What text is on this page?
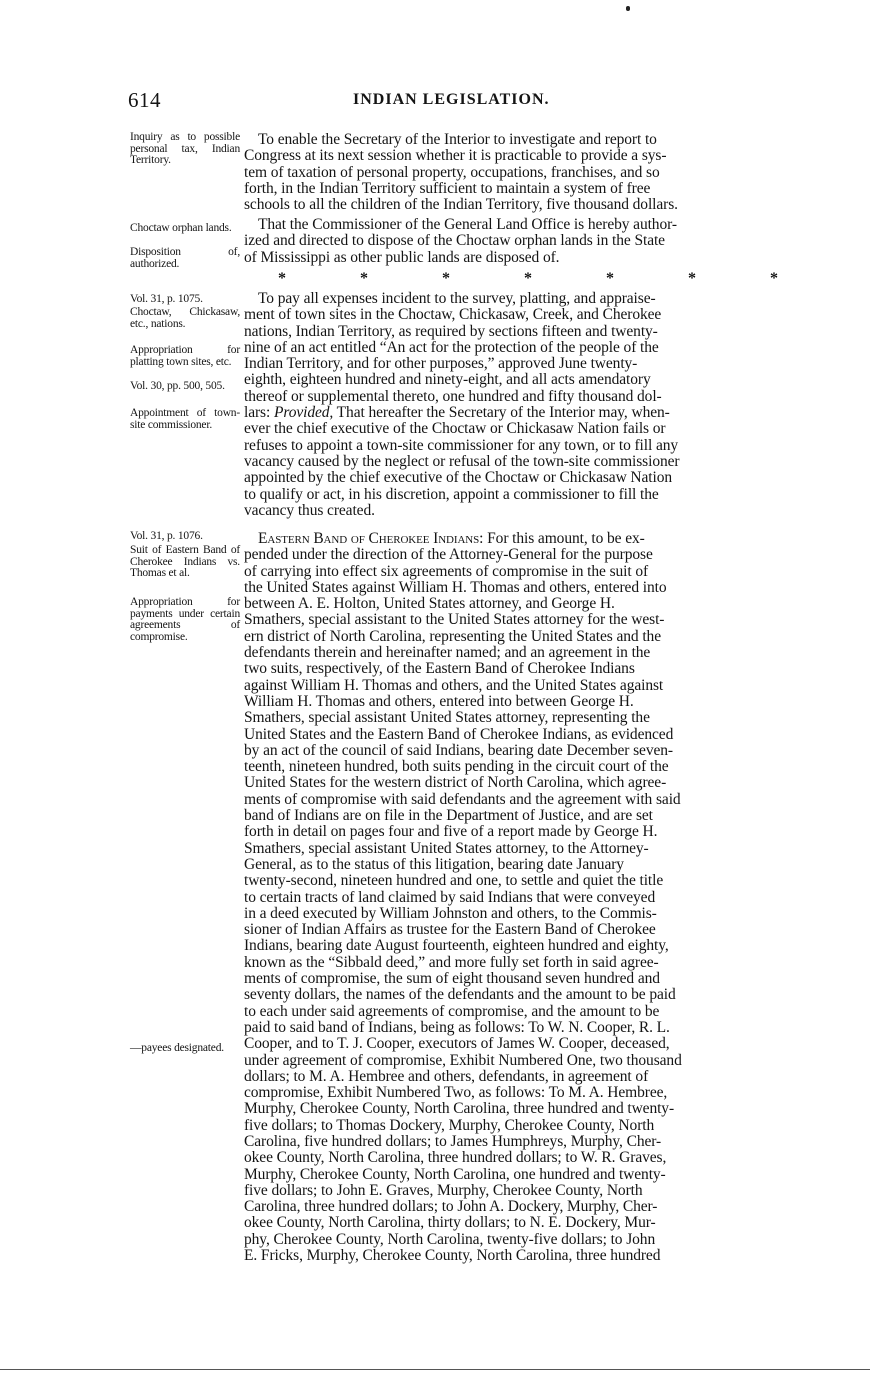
614	INDIAN LEGISLATION.
Inquiry as to possible personal tax, Indian Territory.
Choctaw orphan lands.
Disposition of, authorized.
Vol. 31, p. 1075.
Choctaw, Chickasaw, etc., nations.
Appropriation for platting town sites, etc.
Vol. 30, pp. 500, 505.
Appointment of town-site commissioner.
Vol. 31, p. 1076.
Suit of Eastern Band of Cherokee Indians vs. Thomas et al.
Appropriation for payments under certain agreements of compromise.
—payees designated.
To enable the Secretary of the Interior to investigate and report to
Congress at its next session whether it is practicable to provide a sys-
tem of taxation of personal property, occupations, franchises, and so
forth, in the Indian Territory sufficient to maintain a system of free
schools to all the children of the Indian Territory, five thousand dollars.
That the Commissioner of the General Land Office is hereby author-
ized and directed to dispose of the Choctaw orphan lands in the State
of Mississippi as other public lands are disposed of.
*	*	*	*	*	*	*
To pay all expenses incident to the survey, platting, and appraise-
ment of town sites in the Choctaw, Chickasaw, Creek, and Cherokee
nations, Indian Territory, as required by sections fifteen and twenty-
nine of an act entitled “An act for the protection of the people of the
Indian Territory, and for other purposes,” approved June twenty-
eighth, eighteen hundred and ninety-eight, and all acts amendatory
thereof or supplemental thereto, one hundred and fifty thousand dol-
lars: Provided, That hereafter the Secretary of the Interior may, when-
ever the chief executive of the Choctaw or Chickasaw Nation fails or
refuses to appoint a town-site commissioner for any town, or to fill any
vacancy caused by the neglect or refusal of the town-site commissioner
appointed by the chief executive of the Choctaw or Chickasaw Nation
to qualify or act, in his discretion, appoint a commissioner to fill the
vacancy thus created.
Eastern Band of Cherokee Indians: For this amount, to be ex-
pended under the direction of the Attorney-General for the purpose
of carrying into effect six agreements of compromise in the suit of
the United States against William H. Thomas and others, entered into
between A. E. Holton, United States attorney, and George H.
Smathers, special assistant to the United States attorney for the west-
ern district of North Carolina, representing the United States and the
defendants therein and hereinafter named; and an agreement in the
two suits, respectively, of the Eastern Band of Cherokee Indians
against William H. Thomas and others, and the United States against
William H. Thomas and others, entered into between George H.
Smathers, special assistant United States attorney, representing the
United States and the Eastern Band of Cherokee Indians, as evidenced
by an act of the council of said Indians, bearing date December seven-
teenth, nineteen hundred, both suits pending in the circuit court of the
United States for the western district of North Carolina, which agree-
ments of compromise with said defendants and the agreement with said
band of Indians are on file in the Department of Justice, and are set
forth in detail on pages four and five of a report made by George H.
Smathers, special assistant United States attorney, to the Attorney-
General, as to the status of this litigation, bearing date January
twenty-second, nineteen hundred and one, to settle and quiet the title
to certain tracts of land claimed by said Indians that were conveyed
in a deed executed by William Johnston and others, to the Commis-
sioner of Indian Affairs as trustee for the Eastern Band of Cherokee
Indians, bearing date August fourteenth, eighteen hundred and eighty,
known as the “Sibbald deed,” and more fully set forth in said agree-
ments of compromise, the sum of eight thousand seven hundred and
seventy dollars, the names of the defendants and the amount to be paid
to each under said agreements of compromise, and the amount to be
paid to said band of Indians, being as follows: To W. N. Cooper, R. L.
Cooper, and to T. J. Cooper, executors of James W. Cooper, deceased,
under agreement of compromise, Exhibit Numbered One, two thousand
dollars; to M. A. Hembree and others, defendants, in agreement of
compromise, Exhibit Numbered Two, as follows: To M. A. Hembree,
Murphy, Cherokee County, North Carolina, three hundred and twenty-
five dollars; to Thomas Dockery, Murphy, Cherokee County, North
Carolina, five hundred dollars; to James Humphreys, Murphy, Cher-
okee County, North Carolina, three hundred dollars; to W. R. Graves,
Murphy, Cherokee County, North Carolina, one hundred and twenty-
five dollars; to John E. Graves, Murphy, Cherokee County, North
Carolina, three hundred dollars; to John A. Dockery, Murphy, Cher-
okee County, North Carolina, thirty dollars; to N. E. Dockery, Mur-
phy, Cherokee County, North Carolina, twenty-five dollars; to John
E. Fricks, Murphy, Cherokee County, North Carolina, three hundred
